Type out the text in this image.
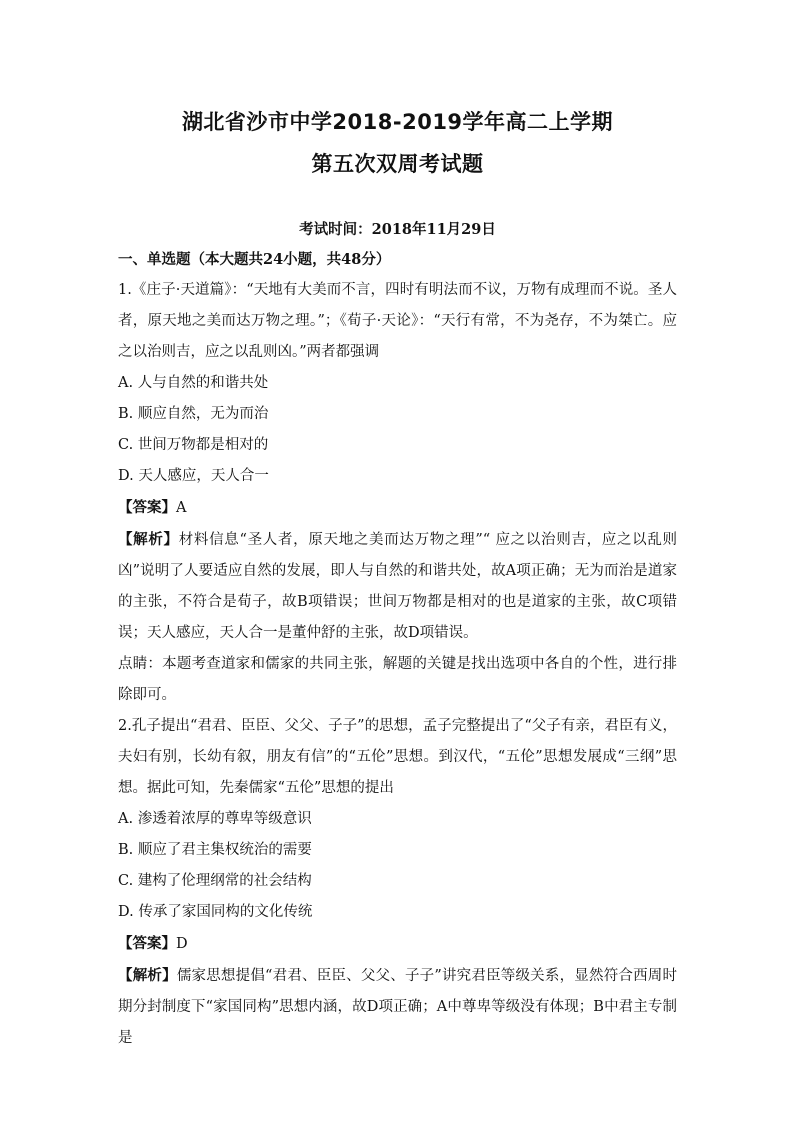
湖北省沙市中学2018-2019学年高二上学期

第五次双周考试题

考试时间：2018年11月29日

一、单选题（本大题共24小题，共48分）

1.《庄子·天道篇》：“天地有大美而不言，四时有明法而不议，万物有成理而不说。圣人者，原天地之美而达万物之理。”；《荀子·天论》：“天行有常，不为尧存，不为桀亡。应之以治则吉，应之以乱则凶。”两者都强调

A. 人与自然的和谐共处

B. 顺应自然，无为而治

C. 世间万物都是相对的

D. 天人感应，天人合一

【答案】A

【解析】材料信息“圣人者，原天地之美而达万物之理”“ 应之以治则吉，应之以乱则凶”说明了人要适应自然的发展，即人与自然的和谐共处，故A项正确；无为而治是道家的主张，不符合是荀子，故B项错误；世间万物都是相对的也是道家的主张，故C项错误；天人感应，天人合一是董仲舒的主张，故D项错误。

点睛：本题考查道家和儒家的共同主张，解题的关键是找出选项中各自的个性，进行排除即可。

2.孔子提出“君君、臣臣、父父、子子”的思想，孟子完整提出了“父子有亲，君臣有义，夫妇有别，长幼有叙，朋友有信”的“五伦”思想。到汉代，“五伦”思想发展成“三纲”思想。据此可知，先秦儒家“五伦”思想的提出

A. 渗透着浓厚的尊卑等级意识

B. 顺应了君主集权统治的需要

C. 建构了伦理纲常的社会结构

D. 传承了家国同构的文化传统

【答案】D

【解析】儒家思想提倡“君君、臣臣、父父、子子”讲究君臣等级关系，显然符合西周时期分封制度下“家国同构”思想内涵，故D项正确；A中尊卑等级没有体现；B中君主专制是
